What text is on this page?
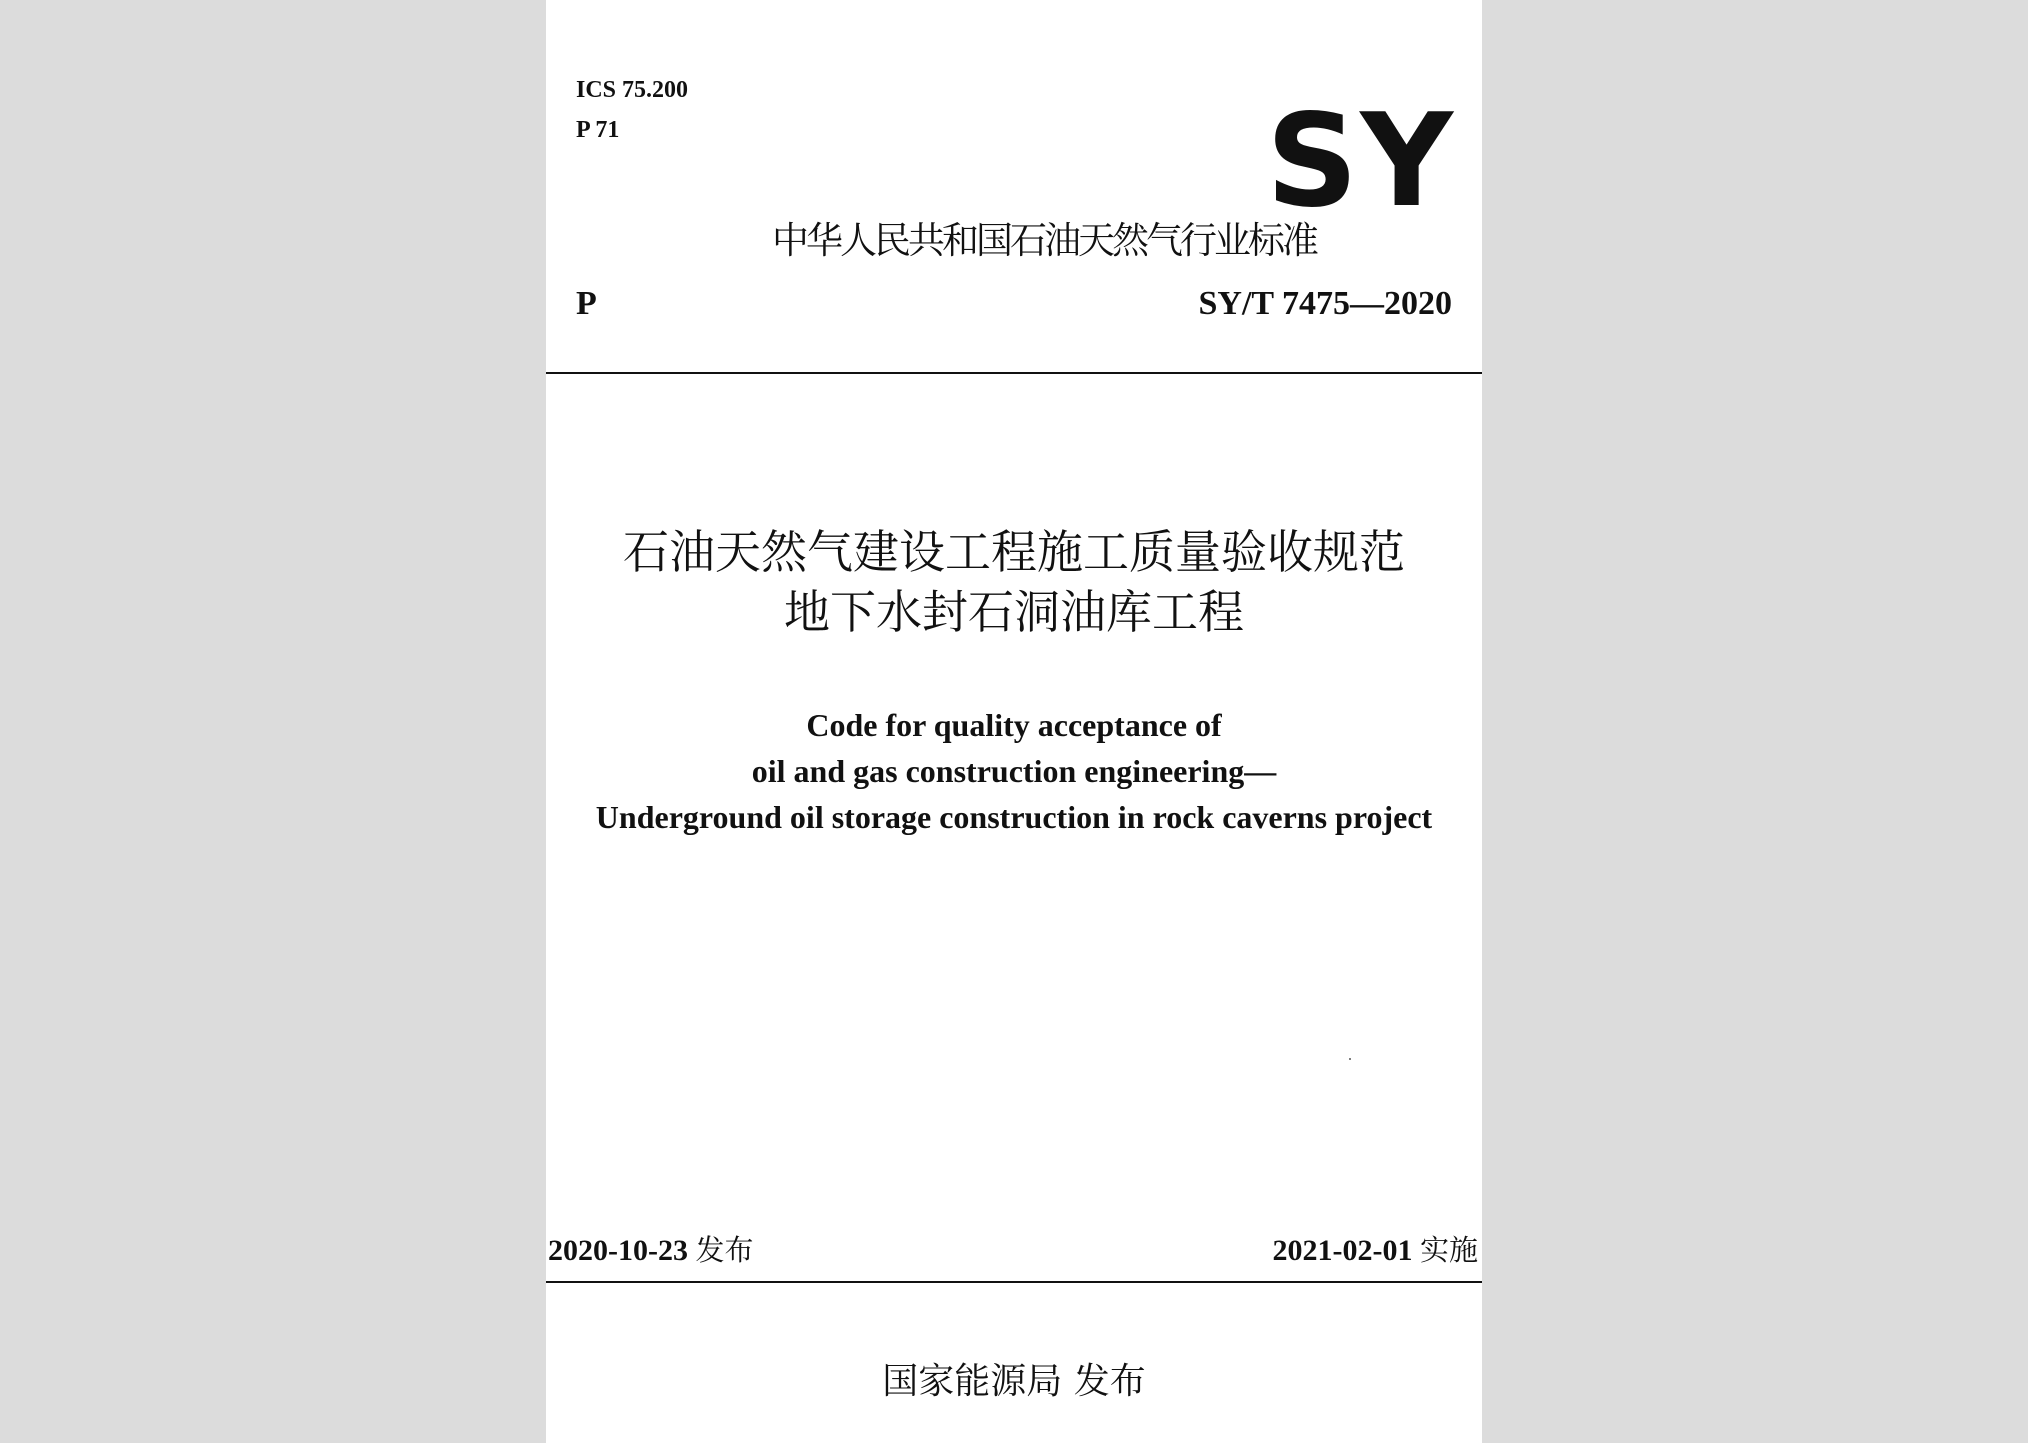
ICS 75.200
P 71	SY
中华人民共和国石油天然气行业标准
P	SY/T 7475—2020
石油天然气建设工程施工质量验收规范
地下水封石洞油库工程
Code for quality acceptance of
oil and gas construction engineering—
Underground oil storage construction in rock caverns project
2020-10-23 发布	2021-02-01 实施
国家能源局 发布
